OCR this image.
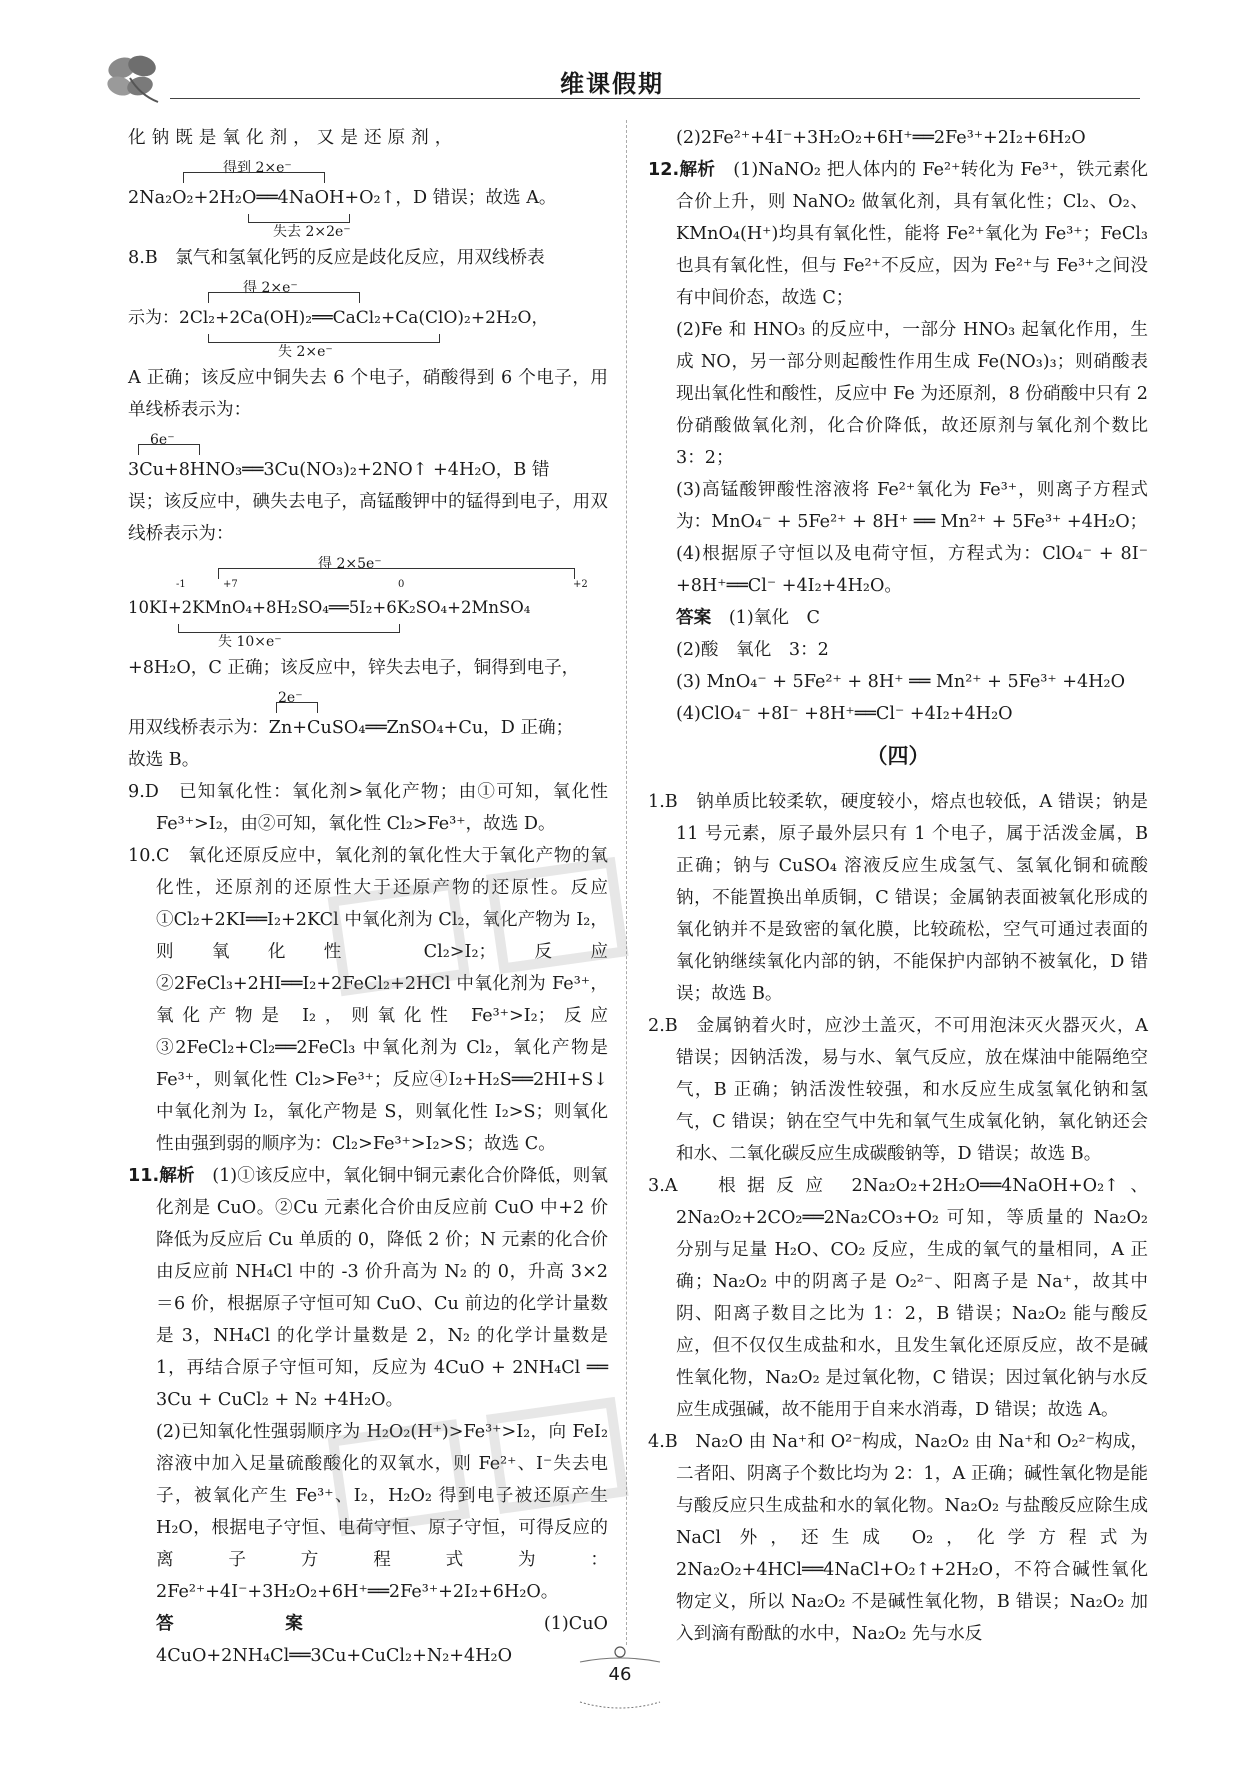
维课假期

化钠既是氧化剂，又是还原剂，

得到 2×e⁻

2Na₂O₂+2H₂O══4NaOH+O₂↑，D 错误；故选 A。

失去 2×2e⁻

8.B　氯气和氢氧化钙的反应是歧化反应，用双线桥表

得 2×e⁻

示为：2Cl₂+2Ca(OH)₂══CaCl₂+Ca(ClO)₂+2H₂O，

失 2×e⁻

A 正确；该反应中铜失去 6 个电子，硝酸得到 6 个电子，用单线桥表示为：

6e⁻

3Cu+8HNO₃══3Cu(NO₃)₂+2NO↑ +4H₂O，B 错

误；该反应中，碘失去电子，高锰酸钾中的锰得到电子，用双线桥表示为：

得 2×5e⁻
-1	+7	0	+2

10KI+2KMnO₄+8H₂SO₄══5I₂+6K₂SO₄+2MnSO₄

失 10×e⁻

+8H₂O，C 正确；该反应中，锌失去电子，铜得到电子，

2e⁻

用双线桥表示为：Zn+CuSO₄══ZnSO₄+Cu，D 正确；

故选 B。

9.D　已知氧化性：氧化剂>氧化产物；由①可知，氧化性 Fe³⁺>I₂，由②可知，氧化性 Cl₂>Fe³⁺，故选 D。

10.C　氧化还原反应中，氧化剂的氧化性大于氧化产物的氧化性，还原剂的还原性大于还原产物的还原性。反应①Cl₂+2KI══I₂+2KCl 中氧化剂为 Cl₂，氧化产物为 I₂，则氧化性 Cl₂>I₂；反应②2FeCl₃+2HI══I₂+2FeCl₂+2HCl 中氧化剂为 Fe³⁺，氧化产物是 I₂，则氧化性 Fe³⁺>I₂；反应③2FeCl₂+Cl₂══2FeCl₃ 中氧化剂为 Cl₂，氧化产物是 Fe³⁺，则氧化性 Cl₂>Fe³⁺；反应④I₂+H₂S══2HI+S↓中氧化剂为 I₂，氧化产物是 S，则氧化性 I₂>S；则氧化性由强到弱的顺序为：Cl₂>Fe³⁺>I₂>S；故选 C。

11.解析　 (1)①该反应中，氧化铜中铜元素化合价降低，则氧化剂是 CuO。②Cu 元素化合价由反应前 CuO 中+2 价降低为反应后 Cu 单质的 0，降低 2 价；N 元素的化合价由反应前 NH₄Cl 中的 -3 价升高为 N₂ 的 0，升高 3×2＝6 价，根据原子守恒可知 CuO、Cu 前边的化学计量数是 3，NH₄Cl 的化学计量数是 2，N₂ 的化学计量数是 1，再结合原子守恒可知，反应为 4CuO + 2NH₄Cl ══ 3Cu + CuCl₂ + N₂ +4H₂O。

(2)已知氧化性强弱顺序为 H₂O₂(H⁺)>Fe³⁺>I₂，向 FeI₂ 溶液中加入足量硫酸酸化的双氧水，则 Fe²⁺、I⁻失去电子，被氧化产生 Fe³⁺、I₂，H₂O₂ 得到电子被还原产生 H₂O，根据电子守恒、电荷守恒、原子守恒，可得反应的离子方程式为：2Fe²⁺+4I⁻+3H₂O₂+6H⁺══2Fe³⁺+2I₂+6H₂O。

答案　	(1)CuO　4CuO+2NH₄Cl══3Cu+CuCl₂+N₂+4H₂O

(2)2Fe²⁺+4I⁻+3H₂O₂+6H⁺══2Fe³⁺+2I₂+6H₂O

12.解析　 (1)NaNO₂ 把人体内的 Fe²⁺转化为 Fe³⁺，铁元素化合价上升，则 NaNO₂ 做氧化剂，具有氧化性；Cl₂、O₂、KMnO₄(H⁺)均具有氧化性，能将 Fe²⁺氧化为 Fe³⁺；FeCl₃ 也具有氧化性，但与 Fe²⁺不反应，因为 Fe²⁺与 Fe³⁺之间没有中间价态，故选 C；

(2)Fe 和 HNO₃ 的反应中，一部分 HNO₃ 起氧化作用，生成 NO，另一部分则起酸性作用生成 Fe(NO₃)₃；则硝酸表现出氧化性和酸性，反应中 Fe 为还原剂，8 份硝酸中只有 2 份硝酸做氧化剂，化合价降低，故还原剂与氧化剂个数比 3：2；

(3)高锰酸钾酸性溶液将 Fe²⁺氧化为 Fe³⁺，则离子方程式为：MnO₄⁻ + 5Fe²⁺ + 8H⁺ ══ Mn²⁺ + 5Fe³⁺ +4H₂O；

(4)根据原子守恒以及电荷守恒，方程式为：ClO₄⁻ + 8I⁻ +8H⁺══Cl⁻ +4I₂+4H₂O。

答案　 (1)氧化　C

(2)酸　氧化　3：2

(3) MnO₄⁻ + 5Fe²⁺ + 8H⁺ ══ Mn²⁺ + 5Fe³⁺ +4H₂O

(4)ClO₄⁻ +8I⁻ +8H⁺══Cl⁻ +4I₂+4H₂O

（四）

1.B　钠单质比较柔软，硬度较小，熔点也较低，A 错误；钠是 11 号元素，原子最外层只有 1 个电子，属于活泼金属，B 正确；钠与 CuSO₄ 溶液反应生成氢气、氢氧化铜和硫酸钠，不能置换出单质铜，C 错误；金属钠表面被氧化形成的氧化钠并不是致密的氧化膜，比较疏松，空气可通过表面的氧化钠继续氧化内部的钠，不能保护内部钠不被氧化，D 错误；故选 B。

2.B　金属钠着火时，应沙土盖灭，不可用泡沫灭火器灭火，A 错误；因钠活泼，易与水、氧气反应，放在煤油中能隔绝空气，B 正确；钠活泼性较强，和水反应生成氢氧化钠和氢气，C 错误；钠在空气中先和氧气生成氧化钠，氧化钠还会和水、二氧化碳反应生成碳酸钠等，D 错误；故选 B。

3.A　根据反应 2Na₂O₂+2H₂O══4NaOH+O₂↑、2Na₂O₂+2CO₂══2Na₂CO₃+O₂ 可知，等质量的 Na₂O₂ 分别与足量 H₂O、CO₂ 反应，生成的氧气的量相同，A 正确；Na₂O₂ 中的阴离子是 O₂²⁻、阳离子是 Na⁺，故其中阴、阳离子数目之比为 1：2，B 错误；Na₂O₂ 能与酸反应，但不仅仅生成盐和水，且发生氧化还原反应，故不是碱性氧化物，Na₂O₂ 是过氧化物，C 错误；因过氧化钠与水反应生成强碱，故不能用于自来水消毒，D 错误；故选 A。

4.B　Na₂O 由 Na⁺和 O²⁻构成，Na₂O₂ 由 Na⁺和 O₂²⁻构成，二者阳、阴离子个数比均为 2：1，A 正确；碱性氧化物是能与酸反应只生成盐和水的氧化物。Na₂O₂ 与盐酸反应除生成 NaCl 外，还生成 O₂，化学方程式为 2Na₂O₂+4HCl══4NaCl+O₂↑+2H₂O，不符合碱性氧化物定义，所以 Na₂O₂ 不是碱性氧化物，B 错误；Na₂O₂ 加入到滴有酚酞的水中，Na₂O₂ 先与水反

46
